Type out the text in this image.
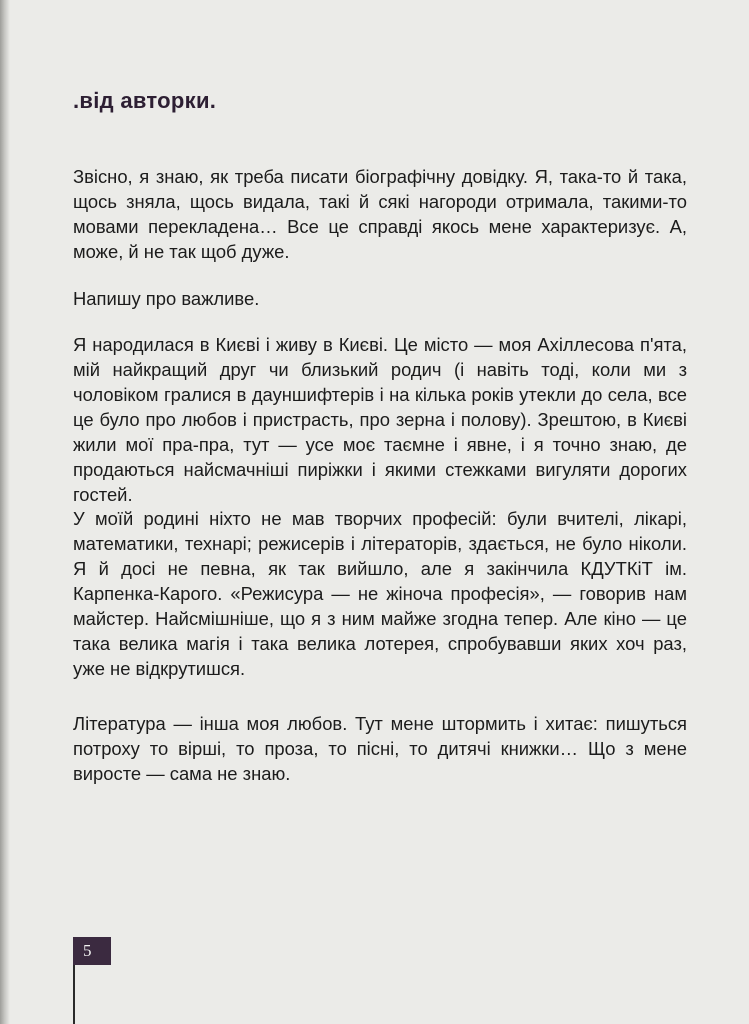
.від авторки.

Звісно, я знаю, як треба писати біографічну довідку. Я, така-то й така, щось зняла, щось видала, такі й сякі нагороди отримала, такими-то мовами перекладена… Все це справді якось мене характеризує. А, може, й не так щоб дуже.

Напишу про важливе.

Я народилася в Києві і живу в Києві. Це місто — моя Ахіллесова п'ята, мій найкращий друг чи близький родич (і навіть тоді, коли ми з чоловіком гралися в дауншифтерів і на кілька років утекли до села, все це було про любов і пристрасть, про зерна і полову). Зрештою, в Києві жили мої пра-пра, тут — усе моє таємне і явне, і я точно знаю, де продаються найсмачніші пиріжки і якими стежками вигуляти дорогих гостей.

У моїй родині ніхто не мав творчих професій: були вчителі, лікарі, математики, технарі; режисерів і літераторів, здається, не було ніколи. Я й досі не певна, як так вийшло, але я закінчила КДУТКіТ ім. Карпенка-Карого. «Режисура — не жіноча професія», — говорив нам майстер. Найсмішніше, що я з ним майже згодна тепер. Але кіно — це така велика магія і така велика лотерея, спробувавши яких хоч раз, уже не відкрутишся.

Література — інша моя любов. Тут мене штормить і хитає: пишуться потроху то вірші, то проза, то пісні, то дитячі книжки… Що з мене виросте — сама не знаю.

5
